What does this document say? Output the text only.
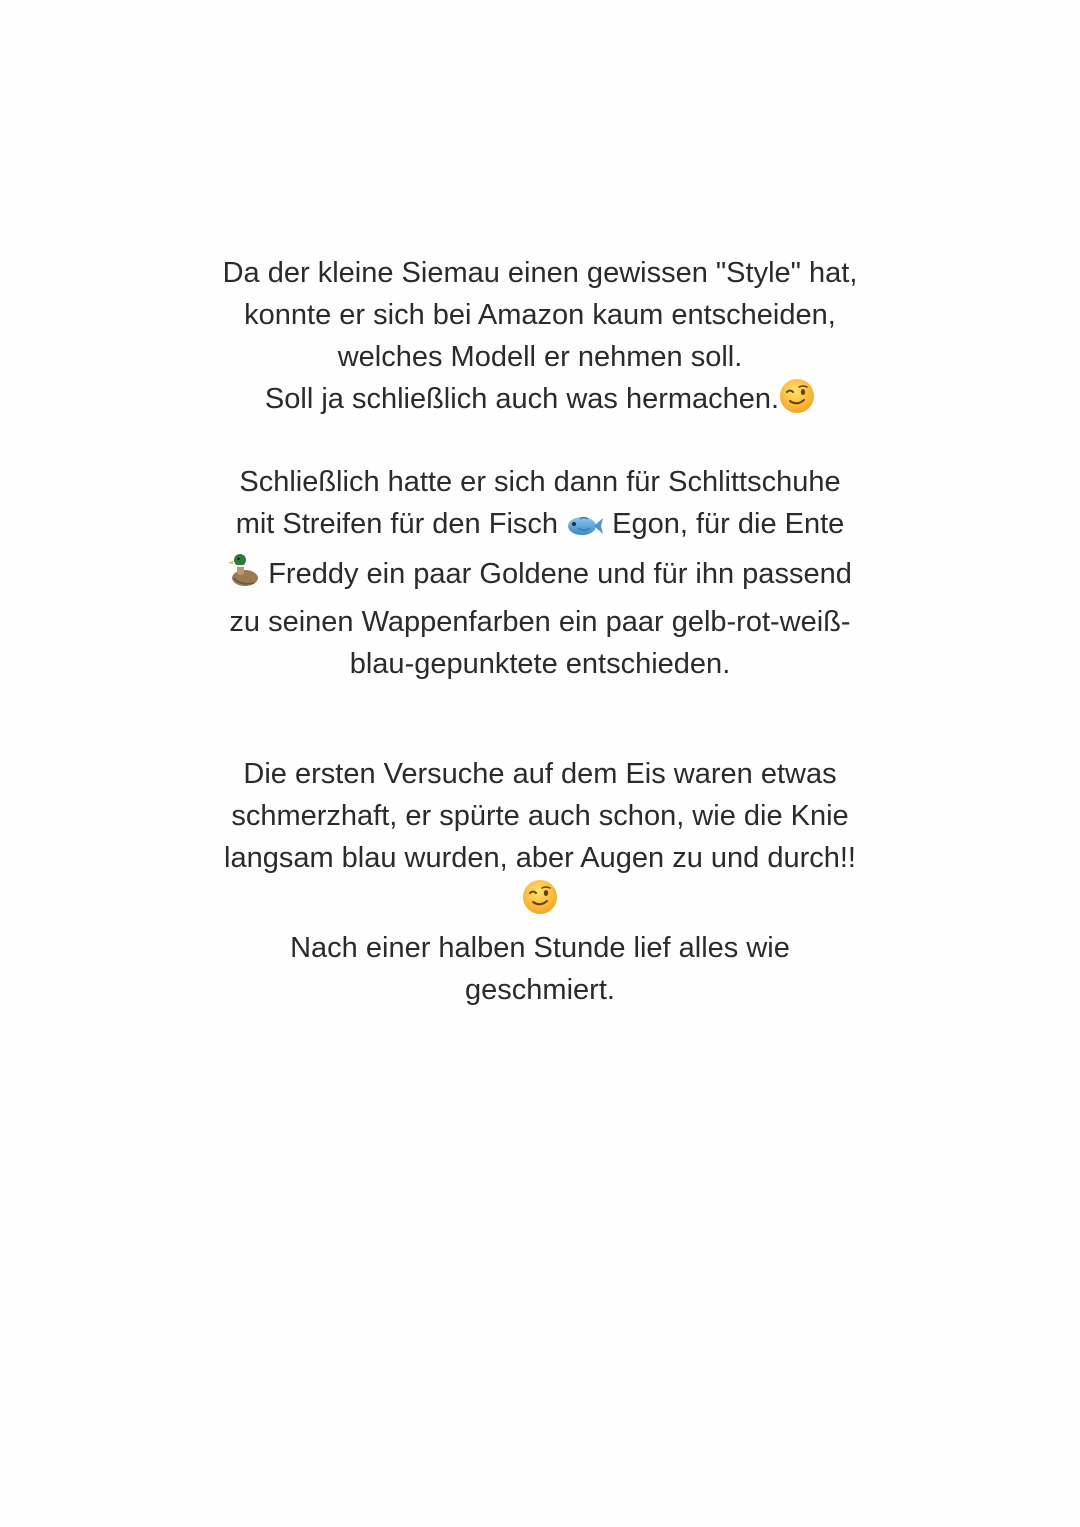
Da der kleine Siemau einen gewissen "Style" hat,
konnte er sich bei Amazon kaum entscheiden,
welches Modell er nehmen soll.
Soll ja schließlich auch was hermachen.
Schließlich hatte er sich dann für Schlittschuhe
mit Streifen für den Fisch  Egon, für die Ente
Freddy ein paar Goldene und für ihn passend
zu seinen Wappenfarben ein paar gelb-rot-weiß-
blau-gepunktete entschieden.
Die ersten Versuche auf dem Eis waren etwas
schmerzhaft, er spürte auch schon, wie die Knie
langsam blau wurden, aber Augen zu und durch!!
Nach einer halben Stunde lief alles wie
geschmiert.
